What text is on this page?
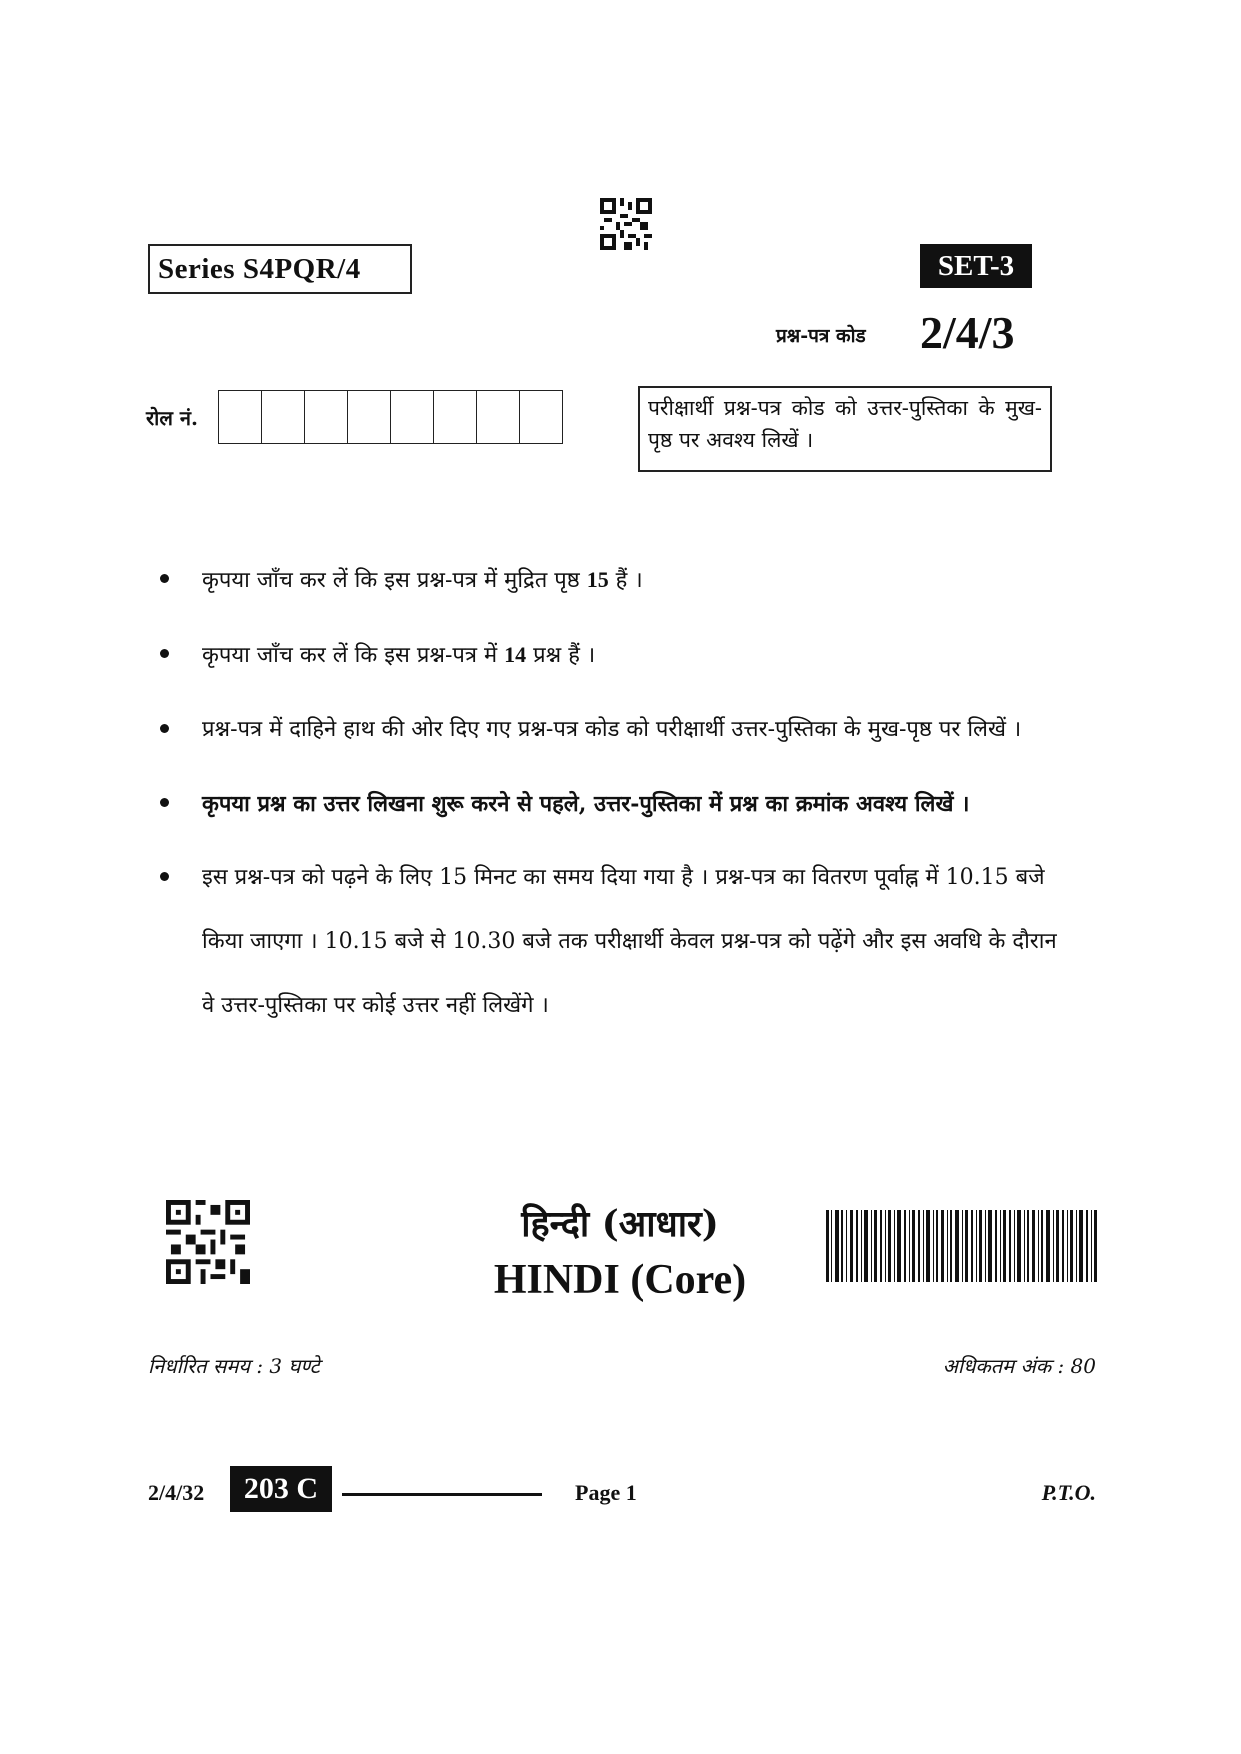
Series S4PQR/4	SET-3
प्रश्न-पत्र कोड 2/4/3
रोल नं.	परीक्षार्थी प्रश्न-पत्र कोड को उत्तर-पुस्तिका के मुख-पृष्ठ पर अवश्य लिखें ।
कृपया जाँच कर लें कि इस प्रश्न-पत्र में मुद्रित पृष्ठ 15 हैं ।
कृपया जाँच कर लें कि इस प्रश्न-पत्र में 14 प्रश्न हैं ।
प्रश्न-पत्र में दाहिने हाथ की ओर दिए गए प्रश्न-पत्र कोड को परीक्षार्थी उत्तर-पुस्तिका के मुख-पृष्ठ पर लिखें ।
कृपया प्रश्न का उत्तर लिखना शुरू करने से पहले, उत्तर-पुस्तिका में प्रश्न का क्रमांक अवश्य लिखें ।
इस प्रश्न-पत्र को पढ़ने के लिए 15 मिनट का समय दिया गया है । प्रश्न-पत्र का वितरण पूर्वाह्न में 10.15 बजे किया जाएगा । 10.15 बजे से 10.30 बजे तक परीक्षार्थी केवल प्रश्न-पत्र को पढ़ेंगे और इस अवधि के दौरान वे उत्तर-पुस्तिका पर कोई उत्तर नहीं लिखेंगे ।
हिन्दी (आधार)
HINDI (Core)
निर्धारित समय : 3 घण्टे	अधिकतम अंक : 80
2/4/32	203 C	Page 1	P.T.O.
